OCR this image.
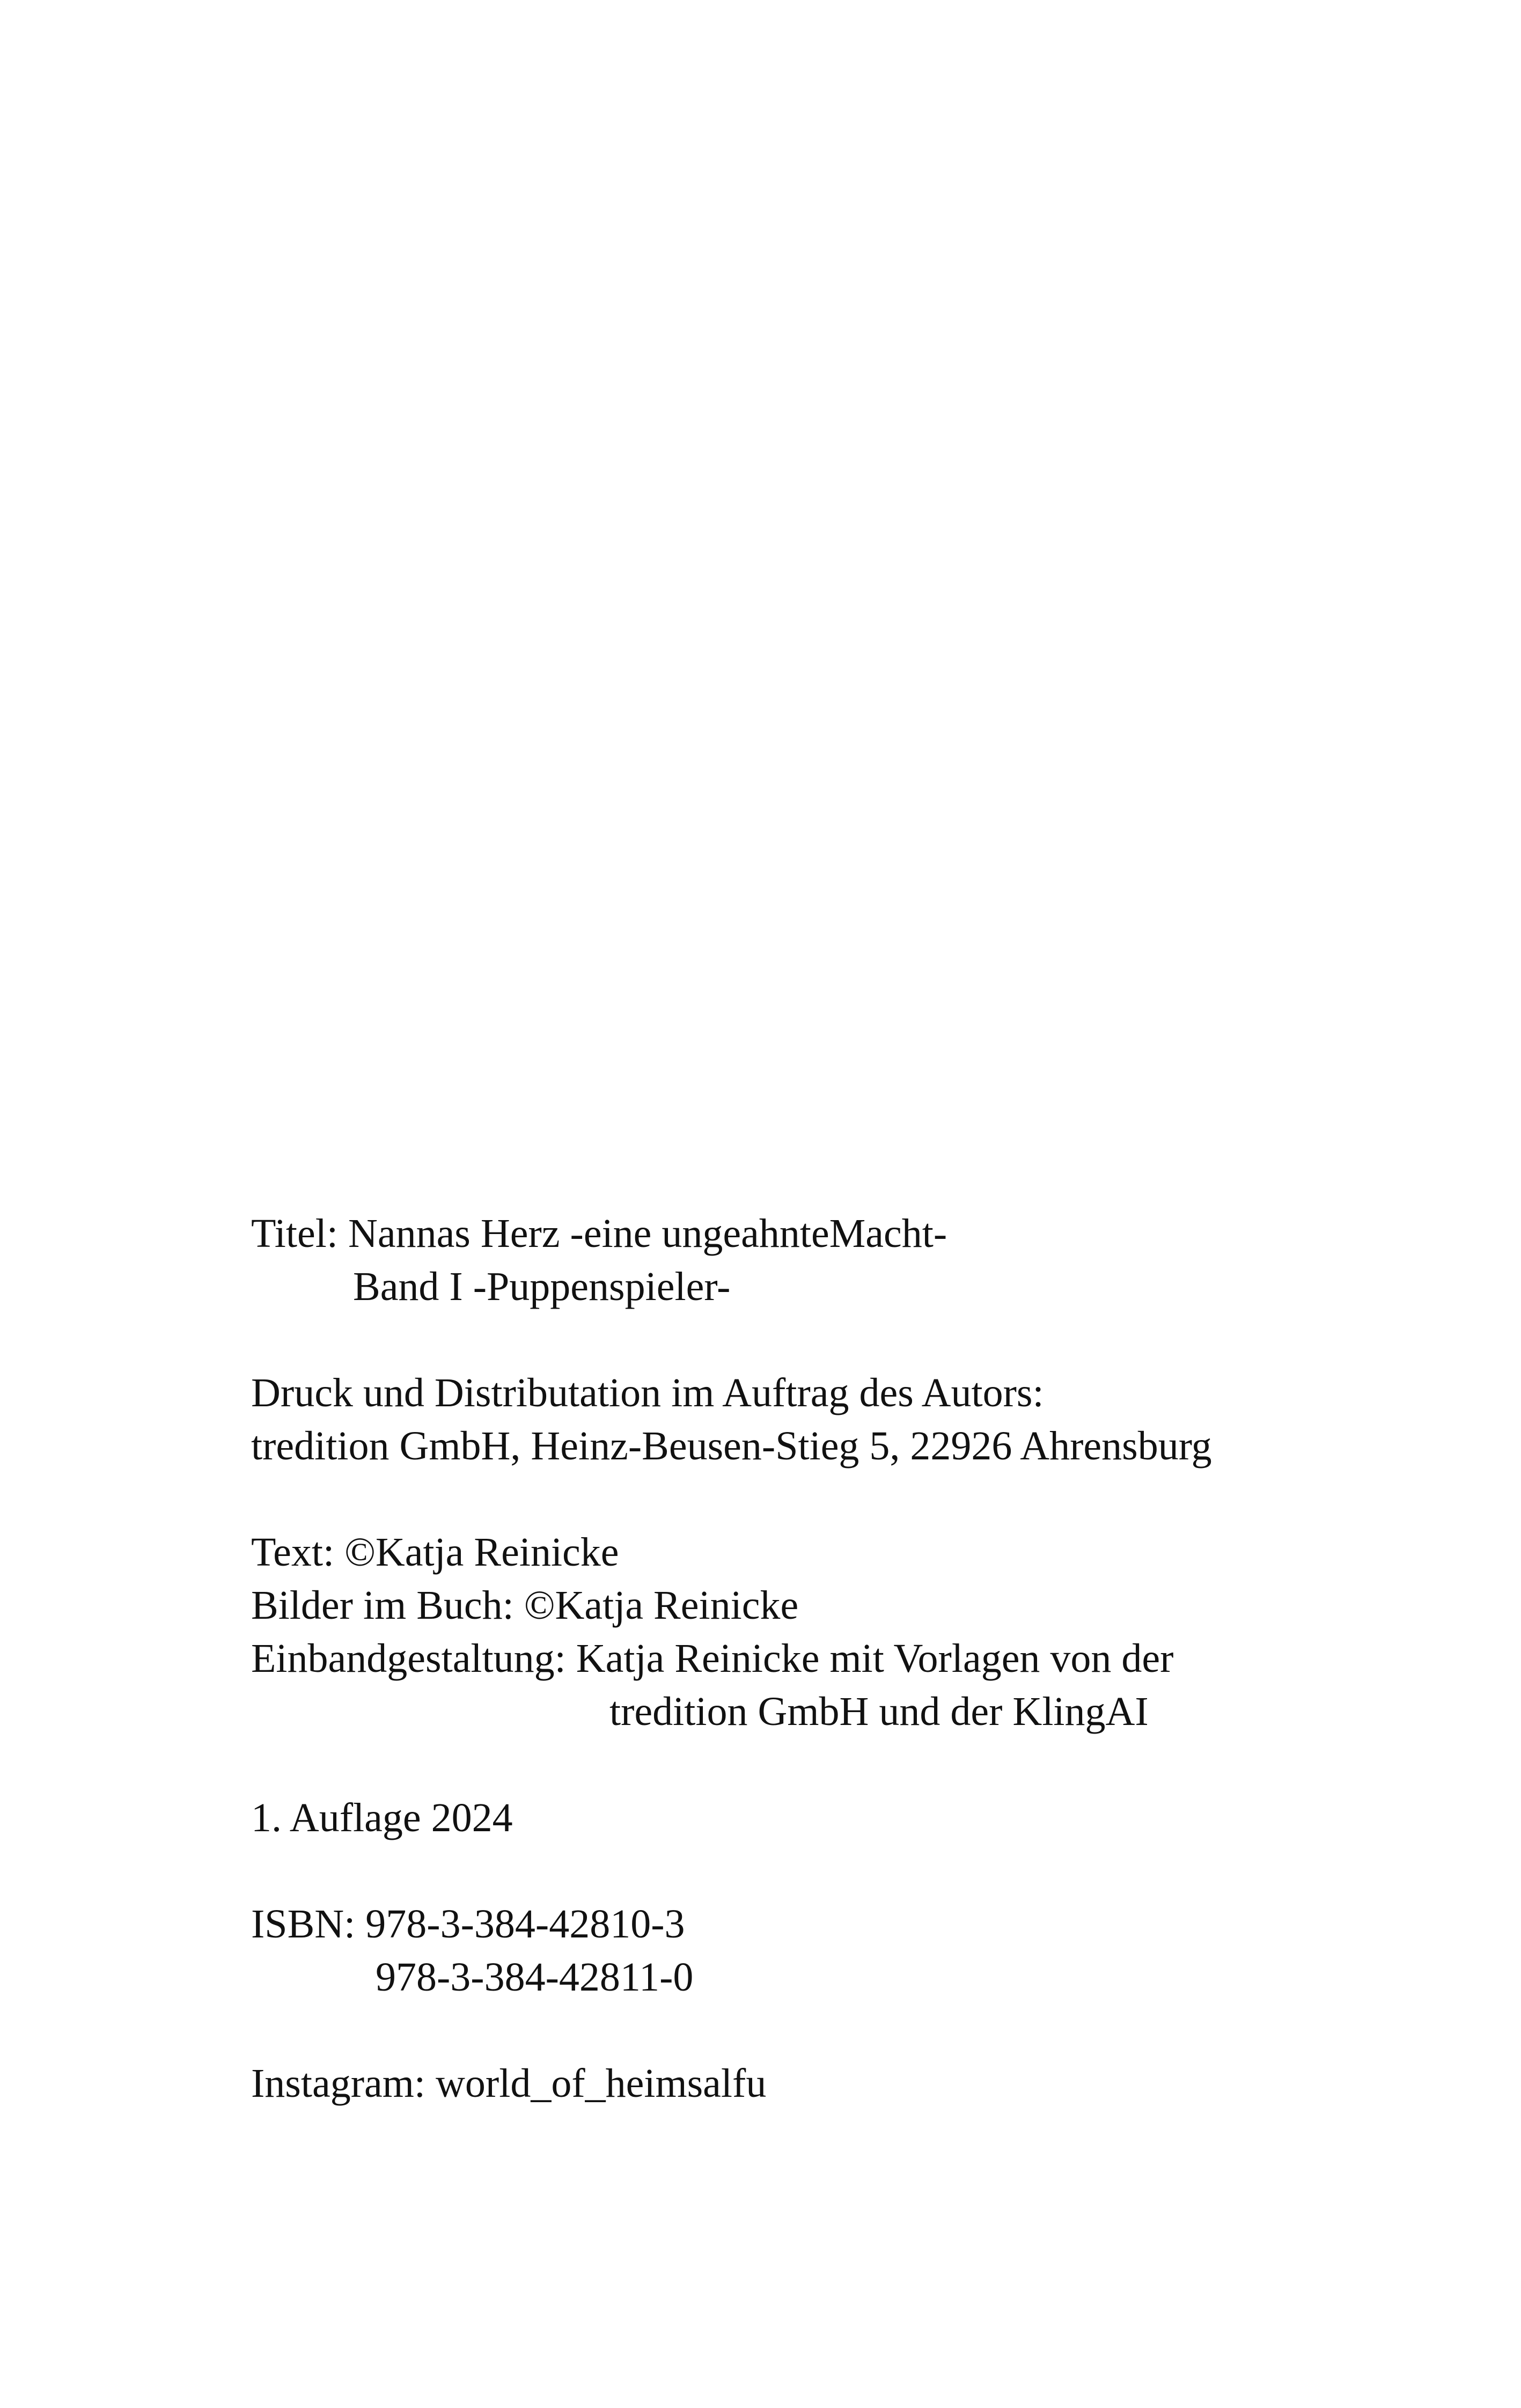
Titel: Nannas Herz -eine ungeahnteMacht-
Band I -Puppenspieler-
Druck und Distributation im Auftrag des Autors:
tredition GmbH, Heinz-Beusen-Stieg 5, 22926 Ahrensburg
Text: ©Katja Reinicke
Bilder im Buch: ©Katja Reinicke
Einbandgestaltung: Katja Reinicke mit Vorlagen von der
tredition GmbH und der KlingAI
1. Auflage 2024
ISBN: 978-3-384-42810-3
978-3-384-42811-0
Instagram: world_of_heimsalfu
